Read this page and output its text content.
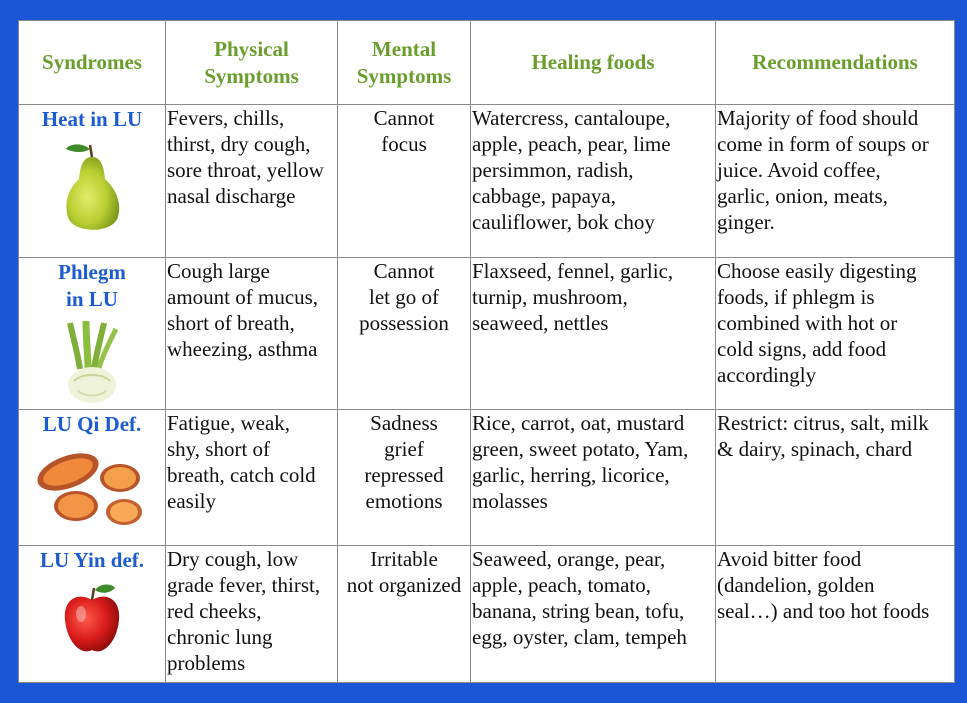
Syndromes	Physical
Symptoms	Mental
Symptoms	Healing foods	Recommendations

Heat in LU	Fevers, chills,
thirst, dry cough,
sore throat, yellow
nasal discharge	Cannot
focus	Watercress, cantaloupe,
apple, peach, pear, lime
persimmon, radish,
cabbage, papaya,
cauliflower, bok choy	Majority of food should
come in form of soups or
juice. Avoid coffee,
garlic, onion, meats,
ginger.

Phlegm
in LU	Cough large
amount of mucus,
short of breath,
wheezing, asthma	Cannot
let go of
possession	Flaxseed, fennel, garlic,
turnip, mushroom,
seaweed, nettles	Choose easily digesting
foods, if phlegm is
combined with hot or
cold signs, add food
accordingly

LU Qi Def.	Fatigue, weak,
shy, short of
breath, catch cold
easily	Sadness
grief
repressed
emotions	Rice, carrot, oat, mustard
green, sweet potato, Yam,
garlic, herring, licorice,
molasses	Restrict: citrus, salt, milk
& dairy, spinach, chard

LU Yin def.	Dry cough, low
grade fever, thirst,
red cheeks,
chronic lung
problems	Irritable
not organized	Seaweed, orange, pear,
apple, peach, tomato,
banana, string bean, tofu,
egg, oyster, clam, tempeh	Avoid bitter food
(dandelion, golden
seal…) and too hot foods
